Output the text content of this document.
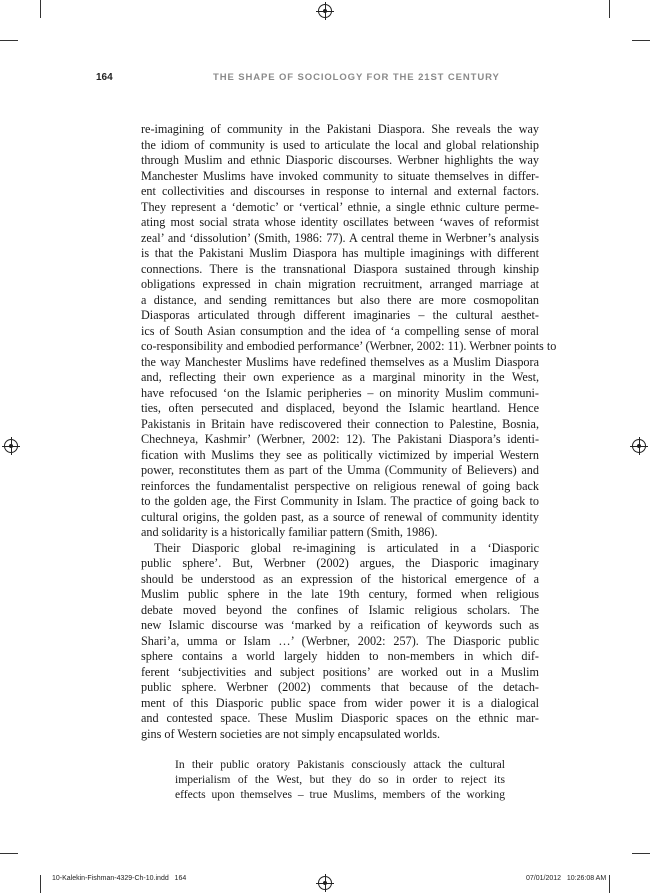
164	THE SHAPE OF SOCIOLOGY FOR THE 21ST CENTURY
re-imagining of community in the Pakistani Diaspora. She reveals the way
the idiom of community is used to articulate the local and global relationship
through Muslim and ethnic Diasporic discourses. Werbner highlights the way
Manchester Muslims have invoked community to situate themselves in differ-
ent collectivities and discourses in response to internal and external factors.
They represent a ‘demotic’ or ‘vertical’ ethnie, a single ethnic culture perme-
ating most social strata whose identity oscillates between ‘waves of reformist
zeal’ and ‘dissolution’ (Smith, 1986: 77). A central theme in Werbner’s analysis
is that the Pakistani Muslim Diaspora has multiple imaginings with different
connections. There is the transnational Diaspora sustained through kinship
obligations expressed in chain migration recruitment, arranged marriage at
a distance, and sending remittances but also there are more cosmopolitan
Diasporas articulated through different imaginaries – the cultural aesthet-
ics of South Asian consumption and the idea of ‘a compelling sense of moral
co-responsibility and embodied performance’ (Werbner, 2002: 11). Werbner points to
the way Manchester Muslims have redefined themselves as a Muslim Diaspora
and, reflecting their own experience as a marginal minority in the West,
have refocused ‘on the Islamic peripheries – on minority Muslim communi-
ties, often persecuted and displaced, beyond the Islamic heartland. Hence
Pakistanis in Britain have rediscovered their connection to Palestine, Bosnia,
Chechneya, Kashmir’ (Werbner, 2002: 12). The Pakistani Diaspora’s identi-
fication with Muslims they see as politically victimized by imperial Western
power, reconstitutes them as part of the Umma (Community of Believers) and
reinforces the fundamentalist perspective on religious renewal of going back
to the golden age, the First Community in Islam. The practice of going back to
cultural origins, the golden past, as a source of renewal of community identity
and solidarity is a historically familiar pattern (Smith, 1986).
Their Diasporic global re-imagining is articulated in a ‘Diasporic
public sphere’. But, Werbner (2002) argues, the Diasporic imaginary
should be understood as an expression of the historical emergence of a
Muslim public sphere in the late 19th century, formed when religious
debate moved beyond the confines of Islamic religious scholars. The
new Islamic discourse was ‘marked by a reification of keywords such as
Shari’a, umma or Islam …’ (Werbner, 2002: 257). The Diasporic public
sphere contains a world largely hidden to non-members in which dif-
ferent ‘subjectivities and subject positions’ are worked out in a Muslim
public sphere. Werbner (2002) comments that because of the detach-
ment of this Diasporic public space from wider power it is a dialogical
and contested space. These Muslim Diasporic spaces on the ethnic mar-
gins of Western societies are not simply encapsulated worlds.
In their public oratory Pakistanis consciously attack the cultural
imperialism of the West, but they do so in order to reject its
effects upon themselves – true Muslims, members of the working
10-Kalekin-Fishman-4329-Ch-10.indd   164	07/01/2012   10:26:08 AM
